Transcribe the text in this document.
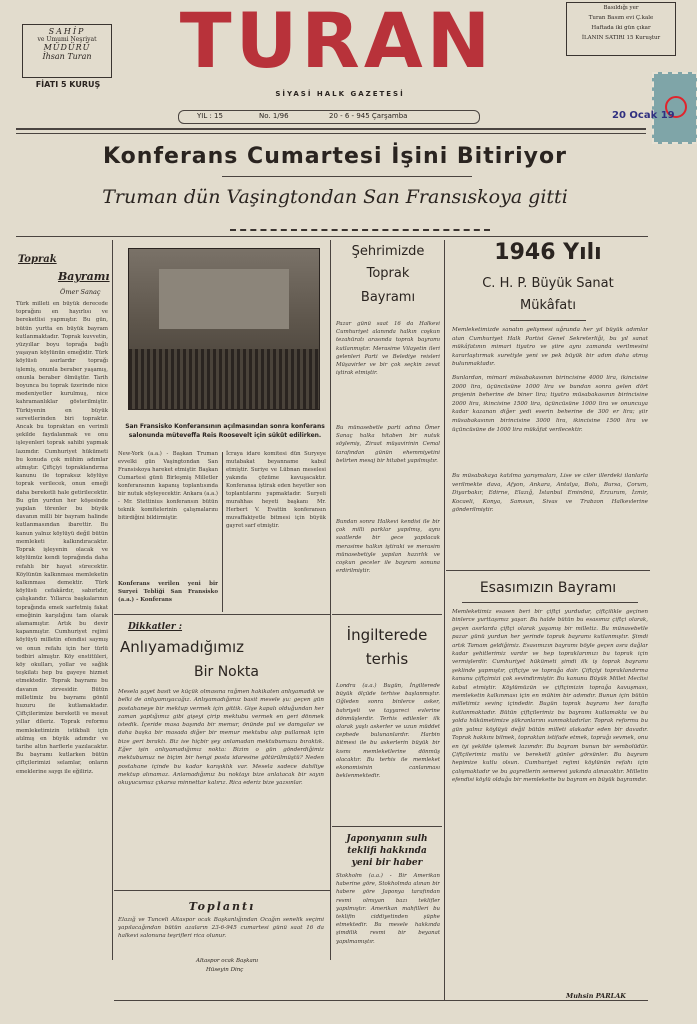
SAHİP
ve Umumi Neşriyat
MÜDÜRÜ
İhsan Turan
FİATI 5 KURUŞ	TURAN
SİYASİ HALK GAZETESİ
YIL : 15	No. 1/96	20 - 6 - 945 Çarşamba
Basıldığı yer
Turan Basım evi Ç.kale
Haftada iki gün çıkar
İLANIN SATIRI 15 Kuruştur
20 Ocak 19
Konferans Cumartesi İşini Bitiriyor
Truman dün Vaşingtondan San Fransıskoya gitti
Toprak
Bayramı
Ömer Sanaç
Türk milleti en büyük derecede toprağını en hayırlısı ve bereketlisi yapmıştır. Bu gün, bütün yurtta en büyük bayram kutlanmaktadır. Toprak kuvvetin, yüzyıllar boyu toprağa bağlı yaşayan köylünün emeğidir. Türk köylüsü asırlardır toprağı işlemiş, onunla beraber yaşamış, onunla beraber ölmüştür. Tarih boyunca bu toprak üzerinde nice medeniyetler kurulmuş, nice kahramanlıklar gösterilmiştir. Türkiyenin en büyük servetlerinden biri topraktır. Ancak bu topraktan en verimli şekilde faydalanmak ve onu işleyenleri toprak sahibi yapmak lazımdır. Cumhuriyet hükümeti bu konuda çok mühim adımlar atmıştır. Çiftçiyi topraklandırma kanunu ile topraksız köylüye toprak verilecek, onun emeği daha bereketli hale getirilecektir. Bu gün yurdun her köşesinde yapılan törenler bu büyük davanın milli bir bayram halinde kutlanmasından ibarettir. Bu kanun yalnız köylüyü değil bütün memleketi kalkındıracaktır. Toprak işleyenin olacak ve köylümüz kendi toprağında daha refahlı bir hayat sürecektir. Köylünün kalkınması memleketin kalkınması demektir. Türk köylüsü cefakârdır, sabırlıdır, çalışkandır. Yıllarca başkalarının toprağında emek sarfetmiş fakat emeğinin karşılığını tam olarak alamamıştır. Artık bu devir kapanmıştır. Cumhuriyet rejimi köylüyü milletin efendisi saymış ve onun refahı için her türlü tedbiri almıştır. Köy enstitüleri, köy okulları, yollar ve sağlık teşkilatı hep bu gayeye hizmet etmektedir. Toprak bayramı bu davanın zirvesidir. Bütün milletimiz bu bayramı gönül huzuru ile kutlamaktadır. Çiftçilerimize bereketli ve mesut yıllar dileriz. Toprak reformu memleketimizin istikbali için atılmış en büyük adımdır ve tarihe altın harflerle yazılacaktır. Bu bayramı kutlarken bütün çiftçilerimizi selamlar, onların emeklerine saygı ile eğiliriz.
San Fransisko Konferansının açılmasından sonra konferans salonunda müteveffa Reis Roosevelt için sükût edilirken.
New-York (a.a.) - Başkan Truman evvelki gün Vaşingtondan San Fransiskoya hareket etmiştir. Başkan Cumartesi günü Birleşmiş Milletler konferansının kapanış toplantısında bir nutuk söyleyecektir. Ankara (a.a.) - Mr. Stettinius konferansın bütün teknik komitelerinin çalışmalarını bitirdiğini bildirmiştir.
Konferans verilen yeni bir Suryei Tebliği San Fransisko (a.a.) - Konferans
İcraya idare komitesi dün Suryeye mutabakat beyanname kabul etmiştir. Suriye ve Lübnan meselesi yakında çözüme kavuşacaktır. Konferansa iştirak eden heyetler son toplantılarını yapmaktadır. Suryeli murahhas heyeti başkanı Mr. Herbert V. Evattin konferansın muvaffakiyetle bitmesi için büyük gayret sarf etmiştir.
Dikkatler :
Anlıyamadığımız
Bir Nokta
Mesela şayet basit ve küçük olmasına rağmen hakikaten anlıyamadık ve belki de anlıyamıyacağız. Anlıyamadığımız basit mesele şu: geçen gün postahaneye bir mektup vermek için gittik. Gişe kapalı olduğundan her zaman yaptığımız gibi gişeyi çirip mektubu vermek en geri dönmek istedik. İçeride masa başında bir memur, önünde pul ve damgalar ve daha başka bir masada diğer bir memur mektubu alıp pullamak için bize geri bıraktı. Biz ise hiçbir şey anlamadan mektubumuzu bıraktık. Eğer işin anlıyamadığımız nokta: Bizim o gün gönderdiğimiz mektubumuz ne biçim bir hengi posta idaresine götürülmüştü? Neden postahane içinde bu kadar karışıklık var. Mesela sadece dahiliye mektup alınamaz. Anlamadığımız bu noktayı bize anlatacak bir sayın okuyucumuz çıkarsa minnettar kalırız. Rica ederiz bize yazsınlar.
Toplantı
Elazığ ve Tunceli Altaspor ocak Başkanlığından Ocağın senelik seçimi yapılacağından bütün azaların 23-6-945 cumartesi günü saat 16 da halkevi salonuna teşrifleri rica olunur.
Altaspor ocak Başkanı
Hüseyin Dinç
Şehrimizde
Toprak
Bayramı
Pazar günü saat 16 da Halkevi Cumhuriyet alanında halkın coşkun tezahüratı arasında toprak bayramı kutlanmıştır. Merasime Vilayetin ileri gelenleri Parti ve Belediye reisleri Müşavirler ve bir çok seçkin zevat iştirak etmiştir.
Bu münasebetle parti adına Ömer Sanaç halka hitaben bir nutuk söylemiş, Ziraat müşavirinin Cemal tarafından günün ehemmiyetini belirten mesaj bir hitabet yapılmıştır.
Bundan sonra Halkevi kendisi ile bir çok milli parklar yapılmış, aynı saatlerde bir gece yapılacak merasime halkın iştiraki ve merasim münasebetiyle yapılan hazırlık ve coşkun geceler ile bayram sonuna erdirilmiştir.
İngilterede
terhis
Londra (a.a.) Bugün, İngilterede büyük ölçüde terhise başlanmıştır. Oğleden sonra binlerce asker, bahriyeli ve tayyareci evlerine dönmüşlerdir. Terhis edilenler ilk olarak yaşlı askerler ve uzun müddet cephede bulunanlardır. Harbin bitmesi ile bu askerlerin büyük bir kısmı memleketlerine dönmüş olacaktır. Bu terhis ile memleket ekonomisinin canlanması beklenmektedir.
Japonyanın sulh
teklifi hakkında
yeni bir haber
Stokholm (a.a.) - Bir Amerikan haberine göre, Stokholmda alınan bir habere göre Japonya tarafından resmi olmıyan bazı teklifler yapılmıştır. Amerikan mahfilleri bu teklifin ciddiyetinden şüphe etmektedir. Bu mesele hakkında şimdilik resmi bir beyanat yapılmamıştır.
1946 Yılı
C. H. P. Büyük Sanat
Mükâfatı
Memleketimizde sanatın gelişmesi uğrunda her yıl büyük adımlar atan Cumhuriyet Halk Partisi Genel Sekreterliği, bu yıl sanat mükâfatının mimari tiyatro ve şiire aynı zamanda verilmesini kararlaştırmak suretiyle yeni ve pek büyük bir adım daha atmış bulunmaktadır.
Bunlardan, mimari müsabakasının birincisine 4000 lira, ikincisine 2000 lira, üçüncüsüne 1000 lira ve bundan sonra gelen dört projenin beherine de biner lira; tiyatro müsabakasının birincisine 2000 lira, ikincisine 1500 lira, üçüncüsüne 1000 lira ve onuncuya kadar kazanan diğer yedi eserin beherine de 300 er lira; şiir müsabakasının birincisine 3000 lira, ikincisine 1500 lira ve üçüncüsüne de 1000 lira mükâfat verilecektir.
Bu müsabakaya katılma yarışmaları, Lise ve ciler illerdeki ilanlarla verilmekte dava, Afyon, Ankara, Antalya, Bolu, Bursa, Çorum, Diyarbakır, Edirne, Elazığ, İstanbul Eminönü, Erzurum, İzmir, Kocaeli, Konya, Samsun, Sivas ve Trabzon Halkevlerine gönderilmiştir.
Esasımızın Bayramı
Memleketimiz esasen beri bir çiftçi yurdudur, çiftçilikle geçinen binlerce yurttaşımız yaşar. Bu halde bütün bu esasımız çiftçi olarak, geçen asırlarda çiftçi olarak yaşamış bir milletiz. Bu münasebetle pazar günü yurdun her yerinde toprak bayramı kutlanmıştır. Şimdi artık Tamam geldiğimiz. Esasımızın bayramı böyle geçen asra dağlar kadar şehitlerimiz vardır ve hep topraklarımızı bu toprak için vermişlerdir. Cumhuriyet hükümeti şimdi ilk iş toprak bayramı şeklinde yapmıştır, çiftçiye ve toprağa dair. Çiftçiyi topraklandırma kanunu çiftçimizi çok sevindirmiştir. Bu kanunu Büyük Millet Meclisi kabul etmiştir. Köylümüzün ve çiftçimizin toprağa kavuşması, memleketin kalkınması için en mühim bir adımdır. Bunun için bütün milletimiz sevinç içindedir. Bugün toprak bayramı her tarafta kutlanmaktadır. Bütün çiftçilerimiz bu bayramı kutlamakta ve bu yolda hükümetimize şükranlarını sunmaktadırlar. Toprak reformu bu gün yalnız köylüyü değil bütün milleti alakadar eden bir davadır. Toprak hakkını bilmek, topraktan istifade etmek, toprağı sevmek, onu en iyi şekilde işlemek lazımdır. Bu bayram bunun bir sembolüdür. Çiftçilerimiz mutlu ve bereketli günler görsünler. Bu bayram hepimize kutlu olsun. Cumhuriyet rejimi köylünün refahı için çalışmaktadır ve bu gayretlerin semeresi yakında alınacaktır. Milletin efendisi köylü olduğu bir memlekette bu bayram en büyük bayramdır.
Muhsin PARLAK
